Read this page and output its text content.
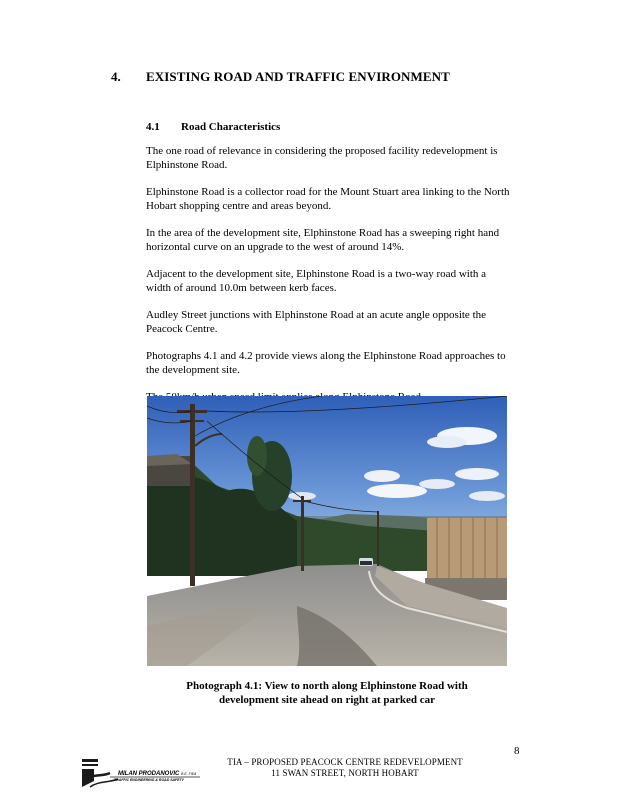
4. EXISTING ROAD AND TRAFFIC ENVIRONMENT
4.1 Road Characteristics

The one road of relevance in considering the proposed facility redevelopment is Elphinstone Road.

Elphinstone Road is a collector road for the Mount Stuart area linking to the North Hobart shopping centre and areas beyond.

In the area of the development site, Elphinstone Road has a sweeping right hand horizontal curve on an upgrade to the west of around 14%.

Adjacent to the development site, Elphinstone Road is a two-way road with a width of around 10.0m between kerb faces.

Audley Street junctions with Elphinstone Road at an acute angle opposite the Peacock Centre.

Photographs 4.1 and 4.2 provide views along the Elphinstone Road approaches to the development site.

Photograph 4.1: View to north along Elphinstone Road with
development site ahead on right at parked car
8
MILAN PRODANOVIC B.E. FIEA
TRAFFIC ENGINEERING & ROAD SAFETY
TIA – PROPOSED PEACOCK CENTRE REDEVELOPMENT
11 SWAN STREET, NORTH HOBART
